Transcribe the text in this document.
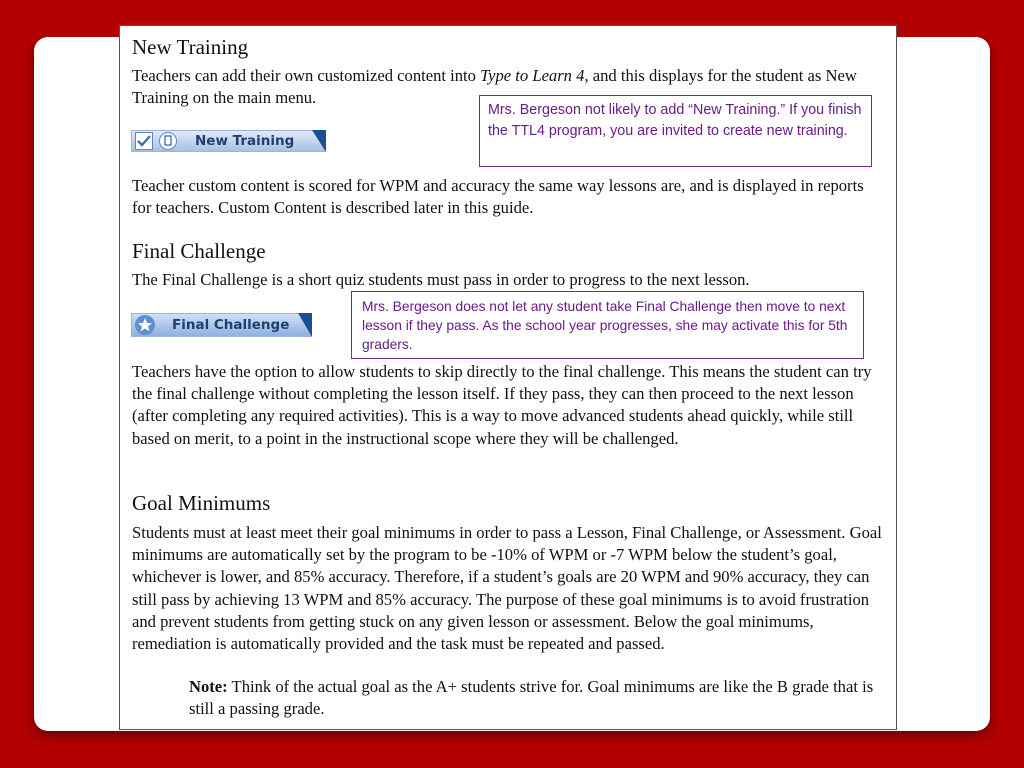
New Training

Teachers can add their own customized content into Type to Learn 4, and this displays for the student as New Training on the main menu.

New Training

Teacher custom content is scored for WPM and accuracy the same way lessons are, and is displayed in reports for teachers. Custom Content is described later in this guide.

Mrs. Bergeson not likely to add “New Training.” If you finish the TTL4 program, you are invited to create new training.
Final Challenge

The Final Challenge is a short quiz students must pass in order to progress to the next lesson.

Final Challenge

Teachers have the option to allow students to skip directly to the final challenge. This means the student can try the final challenge without completing the lesson itself. If they pass, they can then proceed to the next lesson (after completing any required activities). This is a way to move advanced students ahead quickly, while still based on merit, to a point in the instructional scope where they will be challenged.

Mrs. Bergeson does not let any student take Final Challenge then move to next lesson if they pass. As the school year progresses, she may activate this for 5th graders.
Goal Minimums

Students must at least meet their goal minimums in order to pass a Lesson, Final Challenge, or Assessment. Goal minimums are automatically set by the program to be -10% of WPM or -7 WPM below the student’s goal, whichever is lower, and 85% accuracy. Therefore, if a student’s goals are 20 WPM and 90% accuracy, they can still pass by achieving 13 WPM and 85% accuracy. The purpose of these goal minimums is to avoid frustration and prevent students from getting stuck on any given lesson or assessment. Below the goal minimums, remediation is automatically provided and the task must be repeated and passed.

Note: Think of the actual goal as the A+ students strive for. Goal minimums are like the B grade that is still a passing grade.
